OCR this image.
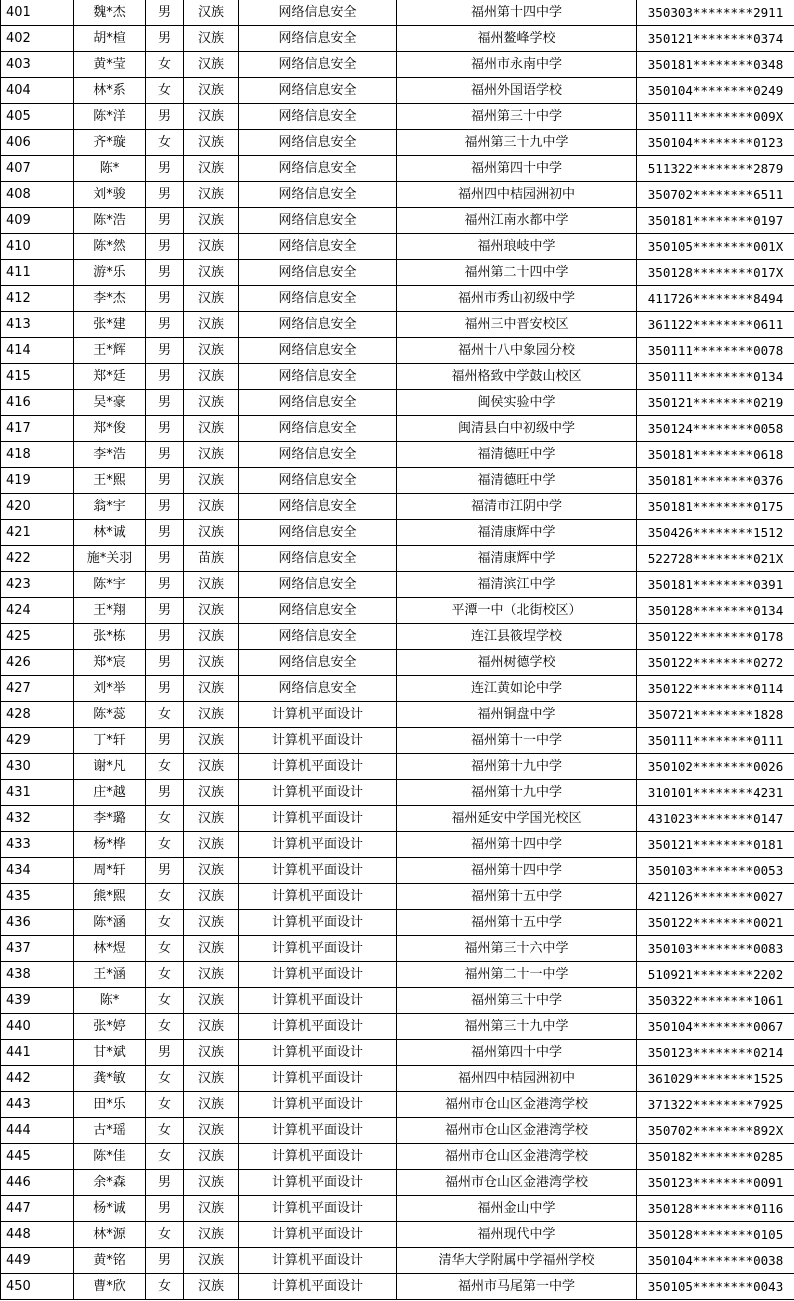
401	魏*杰	男	汉族	网络信息安全	福州第十四中学	350303********2911
402	胡*楦	男	汉族	网络信息安全	福州鳌峰学校	350121********0374
403	黄*莹	女	汉族	网络信息安全	福州市永南中学	350181********0348
404	林*系	女	汉族	网络信息安全	福州外国语学校	350104********0249
405	陈*洋	男	汉族	网络信息安全	福州第三十中学	350111********009X
406	齐*璇	女	汉族	网络信息安全	福州第三十九中学	350104********0123
407	陈*	男	汉族	网络信息安全	福州第四十中学	511322********2879
408	刘*骏	男	汉族	网络信息安全	福州四中桔园洲初中	350702********6511
409	陈*浩	男	汉族	网络信息安全	福州江南水都中学	350181********0197
410	陈*然	男	汉族	网络信息安全	福州琅岐中学	350105********001X
411	游*乐	男	汉族	网络信息安全	福州第二十四中学	350128********017X
412	李*杰	男	汉族	网络信息安全	福州市秀山初级中学	411726********8494
413	张*建	男	汉族	网络信息安全	福州三中晋安校区	361122********0611
414	王*辉	男	汉族	网络信息安全	福州十八中象园分校	350111********0078
415	郑*廷	男	汉族	网络信息安全	福州格致中学鼓山校区	350111********0134
416	吴*豪	男	汉族	网络信息安全	闽侯实验中学	350121********0219
417	郑*俊	男	汉族	网络信息安全	闽清县白中初级中学	350124********0058
418	李*浩	男	汉族	网络信息安全	福清德旺中学	350181********0618
419	王*熙	男	汉族	网络信息安全	福清德旺中学	350181********0376
420	翁*宇	男	汉族	网络信息安全	福清市江阴中学	350181********0175
421	林*诚	男	汉族	网络信息安全	福清康辉中学	350426********1512
422	施*关羽	男	苗族	网络信息安全	福清康辉中学	522728********021X
423	陈*宇	男	汉族	网络信息安全	福清滨江中学	350181********0391
424	王*翔	男	汉族	网络信息安全	平潭一中（北街校区）	350128********0134
425	张*栋	男	汉族	网络信息安全	连江县筱埕学校	350122********0178
426	郑*宸	男	汉族	网络信息安全	福州树德学校	350122********0272
427	刘*举	男	汉族	网络信息安全	连江黄如论中学	350122********0114
428	陈*蕊	女	汉族	计算机平面设计	福州铜盘中学	350721********1828
429	丁*轩	男	汉族	计算机平面设计	福州第十一中学	350111********0111
430	谢*凡	女	汉族	计算机平面设计	福州第十九中学	350102********0026
431	庄*越	男	汉族	计算机平面设计	福州第十九中学	310101********4231
432	李*璐	女	汉族	计算机平面设计	福州延安中学国光校区	431023********0147
433	杨*桦	女	汉族	计算机平面设计	福州第十四中学	350121********0181
434	周*轩	男	汉族	计算机平面设计	福州第十四中学	350103********0053
435	熊*熙	女	汉族	计算机平面设计	福州第十五中学	421126********0027
436	陈*涵	女	汉族	计算机平面设计	福州第十五中学	350122********0021
437	林*煜	女	汉族	计算机平面设计	福州第三十六中学	350103********0083
438	王*涵	女	汉族	计算机平面设计	福州第二十一中学	510921********2202
439	陈*	女	汉族	计算机平面设计	福州第三十中学	350322********1061
440	张*婷	女	汉族	计算机平面设计	福州第三十九中学	350104********0067
441	甘*斌	男	汉族	计算机平面设计	福州第四十中学	350123********0214
442	龚*敏	女	汉族	计算机平面设计	福州四中桔园洲初中	361029********1525
443	田*乐	女	汉族	计算机平面设计	福州市仓山区金港湾学校	371322********7925
444	古*瑶	女	汉族	计算机平面设计	福州市仓山区金港湾学校	350702********892X
445	陈*佳	女	汉族	计算机平面设计	福州市仓山区金港湾学校	350182********0285
446	余*森	男	汉族	计算机平面设计	福州市仓山区金港湾学校	350123********0091
447	杨*诚	男	汉族	计算机平面设计	福州金山中学	350128********0116
448	林*源	女	汉族	计算机平面设计	福州现代中学	350128********0105
449	黄*铭	男	汉族	计算机平面设计	清华大学附属中学福州学校	350104********0038
450	曹*欣	女	汉族	计算机平面设计	福州市马尾第一中学	350105********0043
